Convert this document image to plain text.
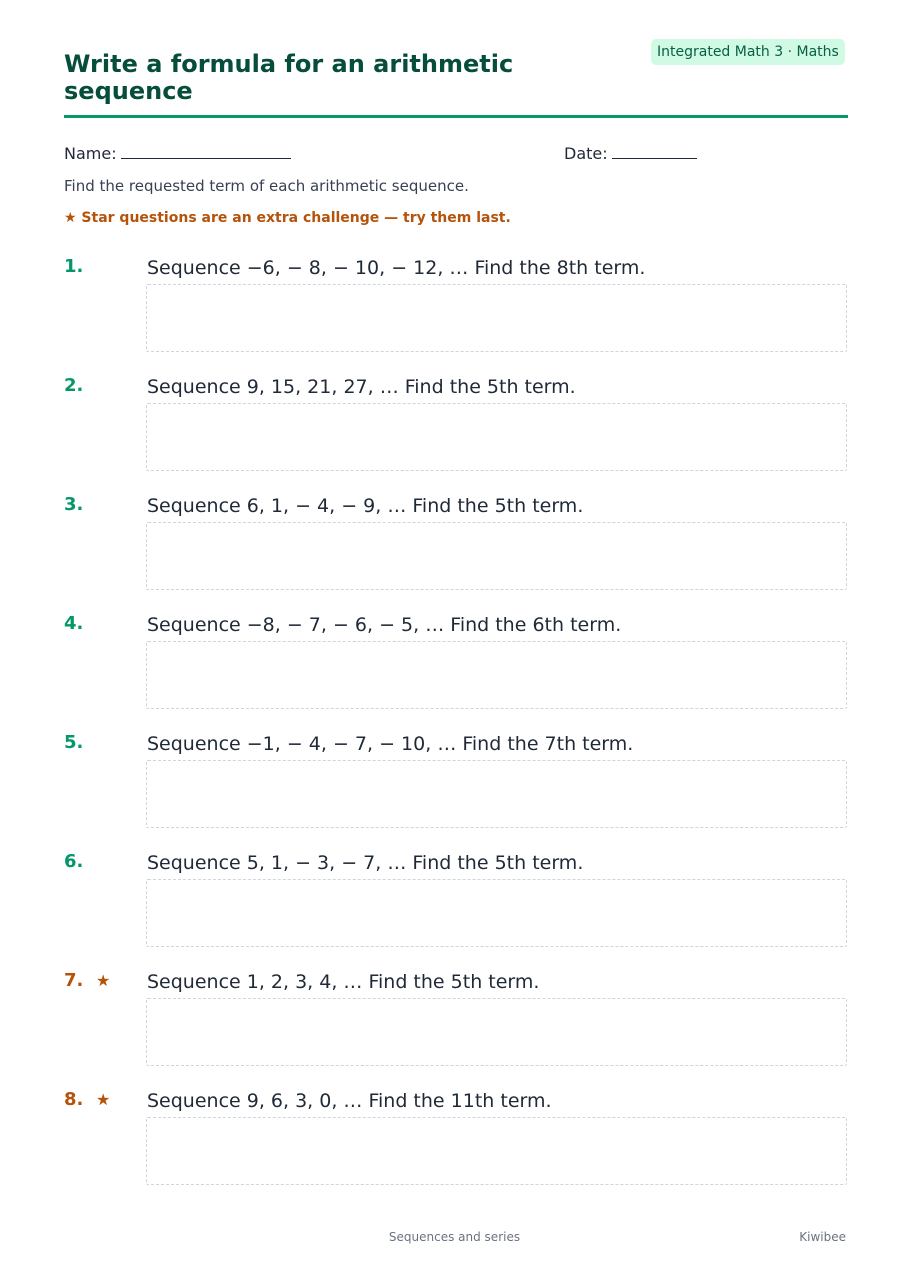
Integrated Math 3 · Maths
Write a formula for an arithmetic sequence
Name:	Date:
Find the requested term of each arithmetic sequence.
★ Star questions are an extra challenge — try them last.
1.	Sequence −6, − 8, − 10, − 12, … Find the 8th term.
2.	Sequence 9, 15, 21, 27, … Find the 5th term.
3.	Sequence 6, 1, − 4, − 9, … Find the 5th term.
4.	Sequence −8, − 7, − 6, − 5, … Find the 6th term.
5.	Sequence −1, − 4, − 7, − 10, … Find the 7th term.
6.	Sequence 5, 1, − 3, − 7, … Find the 5th term.
7. ★ Sequence 1, 2, 3, 4, … Find the 5th term.
8. ★ Sequence 9, 6, 3, 0, … Find the 11th term.
Sequences and series	Kiwibee
